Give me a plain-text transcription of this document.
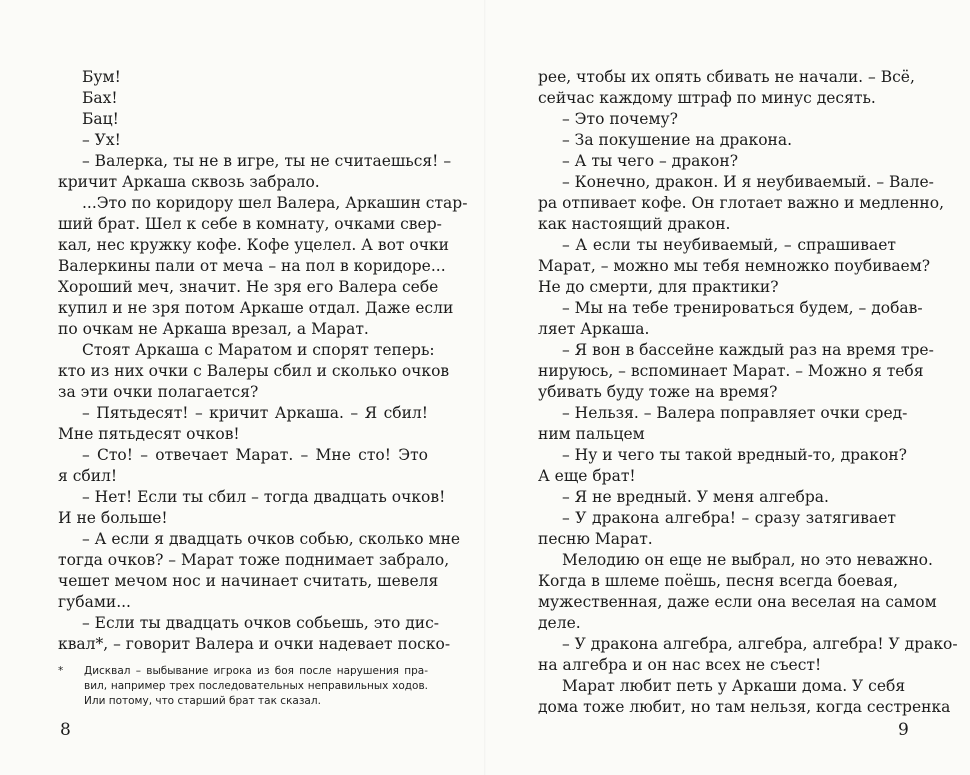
Бум!
Бах!
Бац!
– Ух!
– Валерка, ты не в игре, ты не считаешься! –
кричит Аркаша сквозь забрало.
...Это по коридору шел Валера, Аркашин стар-
ший брат. Шел к себе в комнату, очками свер-
кал, нес кружку кофе. Кофе уцелел. А вот очки
Валеркины пали от меча – на пол в коридоре...
Хороший меч, значит. Не зря его Валера себе
купил и не зря потом Аркаше отдал. Даже если
по очкам не Аркаша врезал, а Марат.
Стоят Аркаша с Маратом и спорят теперь:
кто из них очки с Валеры сбил и сколько очков
за эти очки полагается?
– Пятьдесят! – кричит Аркаша. – Я сбил!
Мне пятьдесят очков!
– Сто! – отвечает Марат. – Мне сто! Это
я сбил!
– Нет! Если ты сбил – тогда двадцать очков!
И не больше!
– А если я двадцать очков собью, сколько мне
тогда очков? – Марат тоже поднимает забрало,
чешет мечом нос и начинает считать, шевеля
губами...
– Если ты двадцать очков собьешь, это дис-
квал*, – говорит Валера и очки надевает поско-
*	Дисквал – выбывание игрока из боя после нарушения пра-
вил, например трех последовательных неправильных ходов.
Или потому, что старший брат так сказал.
8
рее, чтобы их опять сбивать не начали. – Всё,
сейчас каждому штраф по минус десять.
– Это почему?
– За покушение на дракона.
– А ты чего – дракон?
– Конечно, дракон. И я неубиваемый. – Вале-
ра отпивает кофе. Он глотает важно и медленно,
как настоящий дракон.
– А если ты неубиваемый, – спрашивает
Марат, – можно мы тебя немножко поубиваем?
Не до смерти, для практики?
– Мы на тебе тренироваться будем, – добав-
ляет Аркаша.
– Я вон в бассейне каждый раз на время тре-
нируюсь, – вспоминает Марат. – Можно я тебя
убивать буду тоже на время?
– Нельзя. – Валера поправляет очки сред-
ним пальцем
– Ну и чего ты такой вредный-то, дракон?
А еще брат!
– Я не вредный. У меня алгебра.
– У дракона алгебра! – сразу затягивает
песню Марат.
Мелодию он еще не выбрал, но это неважно.
Когда в шлеме поёшь, песня всегда боевая,
мужественная, даже если она веселая на самом
деле.
– У дракона алгебра, алгебра, алгебра! У драко-
на алгебра и он нас всех не съест!
Марат любит петь у Аркаши дома. У себя
дома тоже любит, но там нельзя, когда сестренка
9
